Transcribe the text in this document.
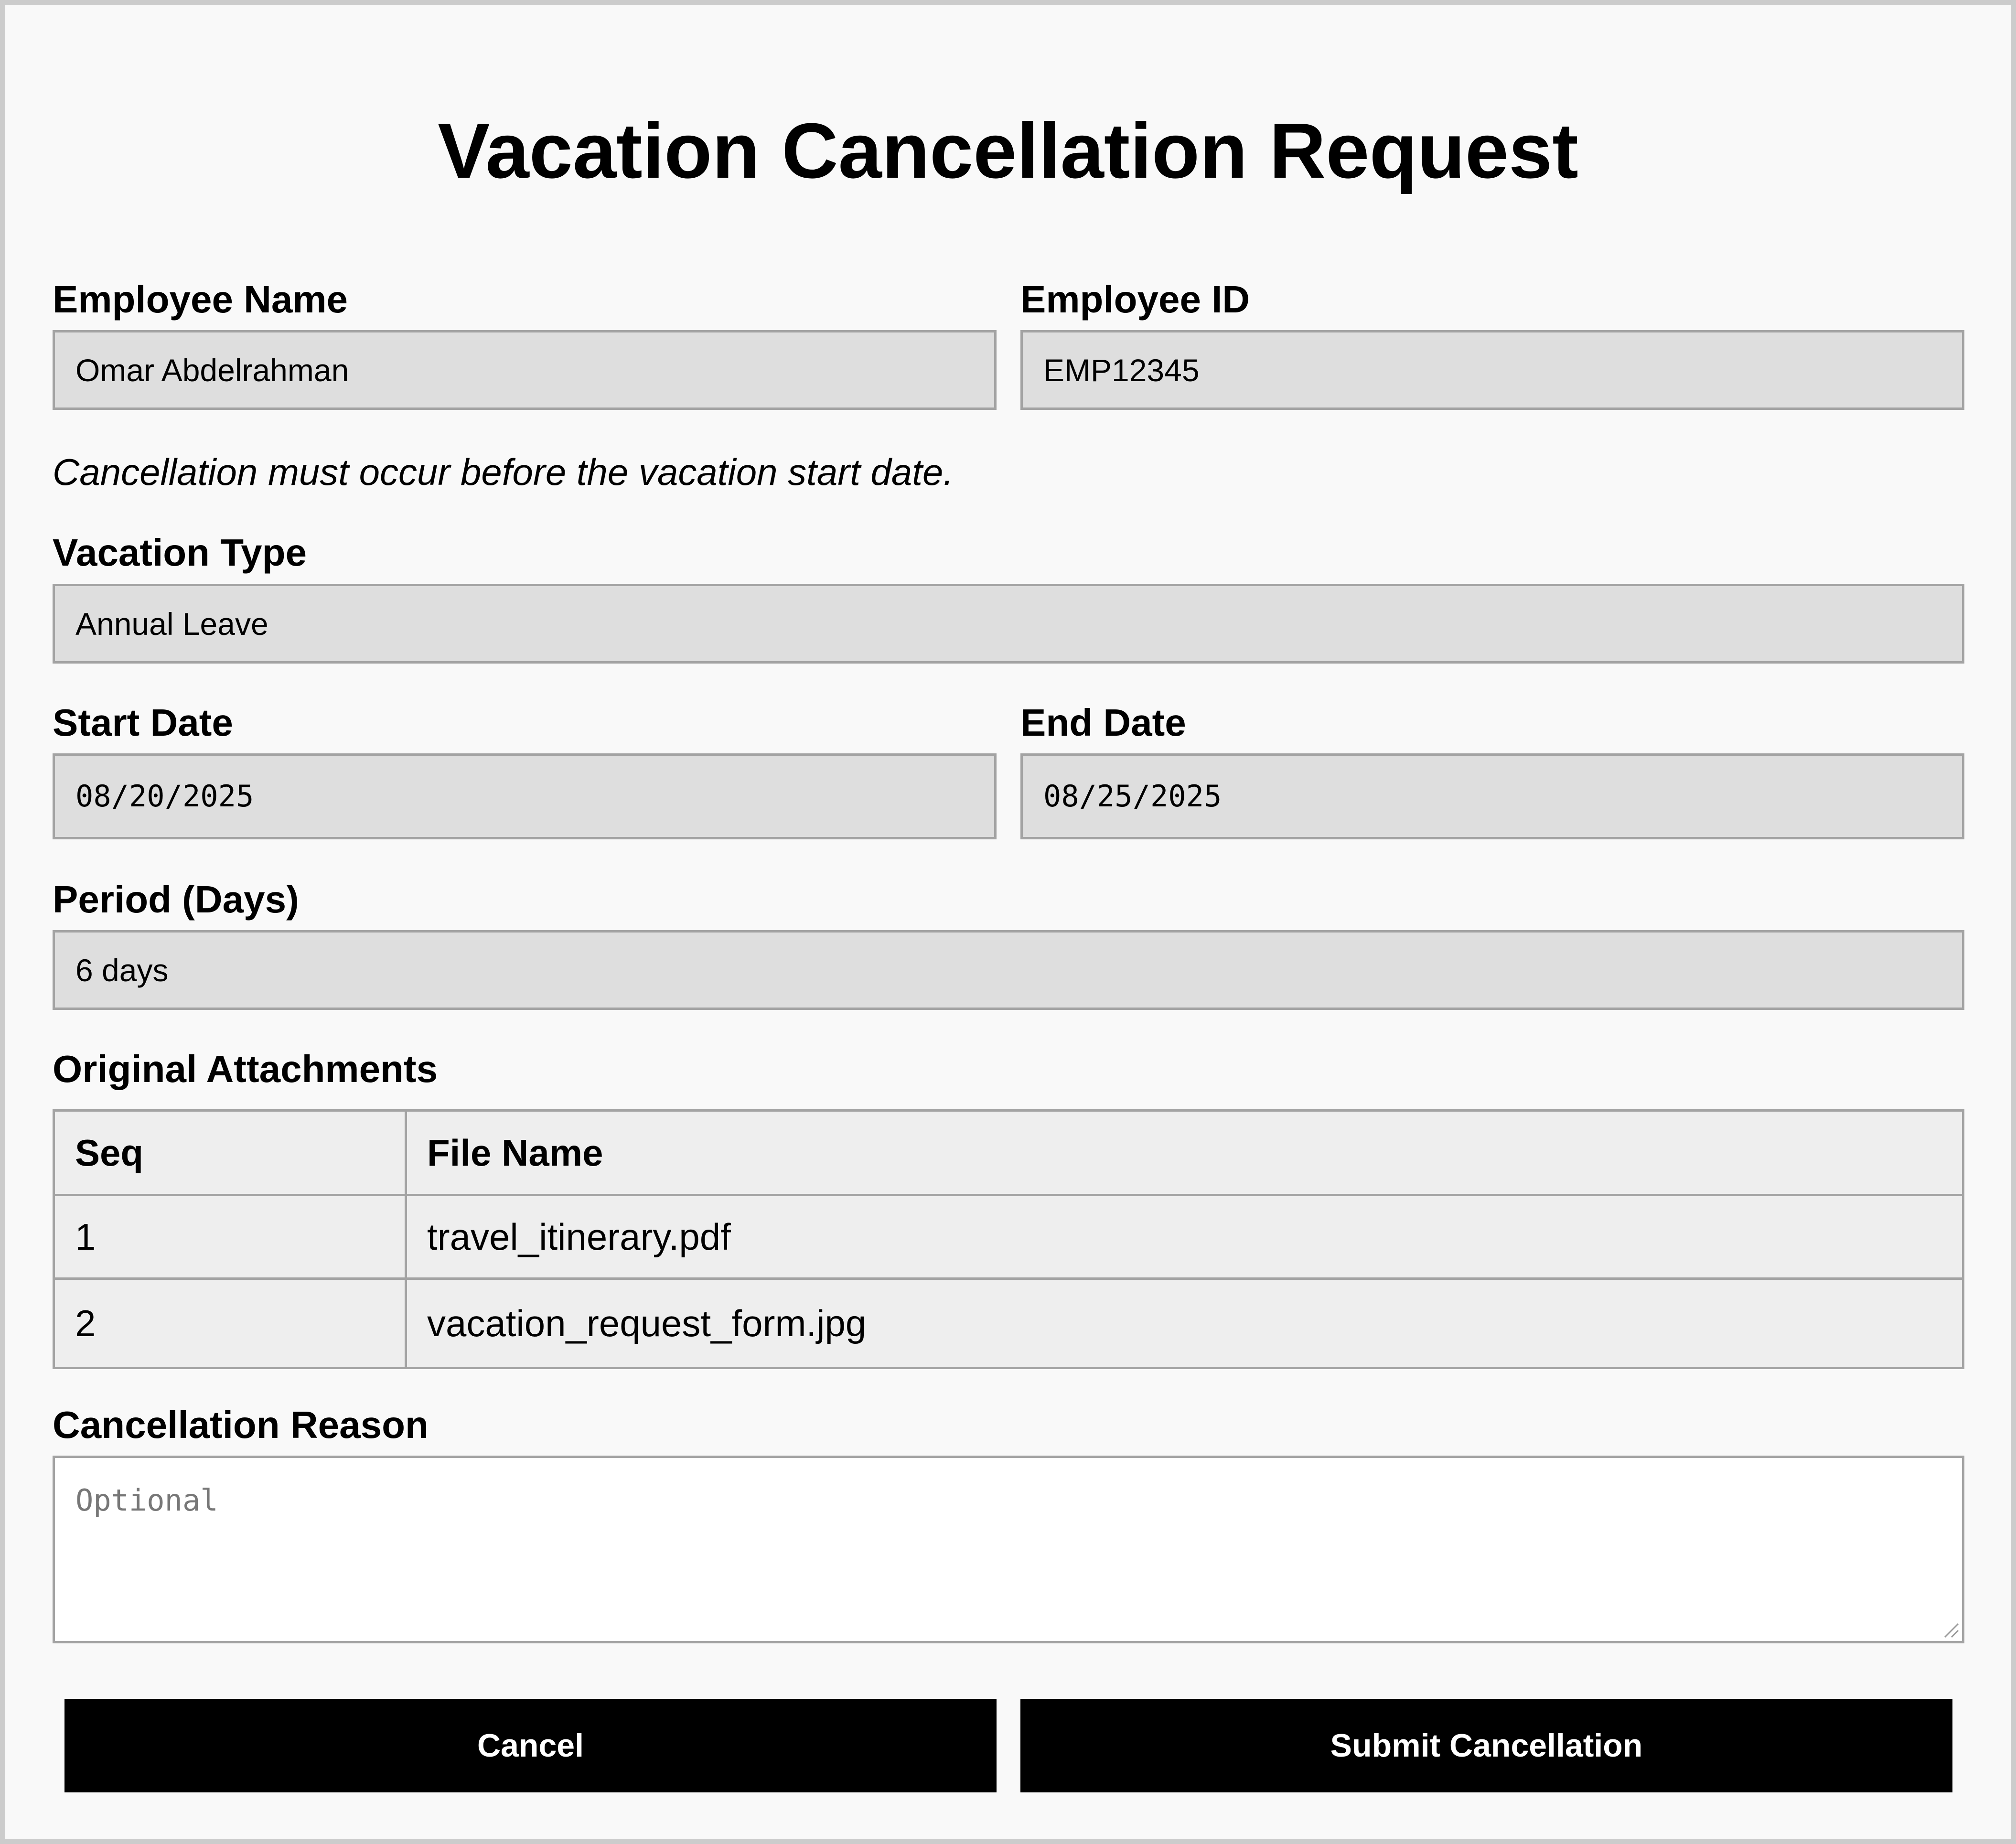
Vacation Cancellation Request
Employee Name
Omar Abdelrahman
Employee ID
EMP12345
Cancellation must occur before the vacation start date.
Vacation Type
Annual Leave
Start Date
08/20/2025
End Date
08/25/2025
Period (Days)
6 days
Original Attachments
Seq	File Name
1	travel_itinerary.pdf
2	vacation_request_form.jpg
Cancellation Reason
Optional
Cancel	Submit Cancellation
